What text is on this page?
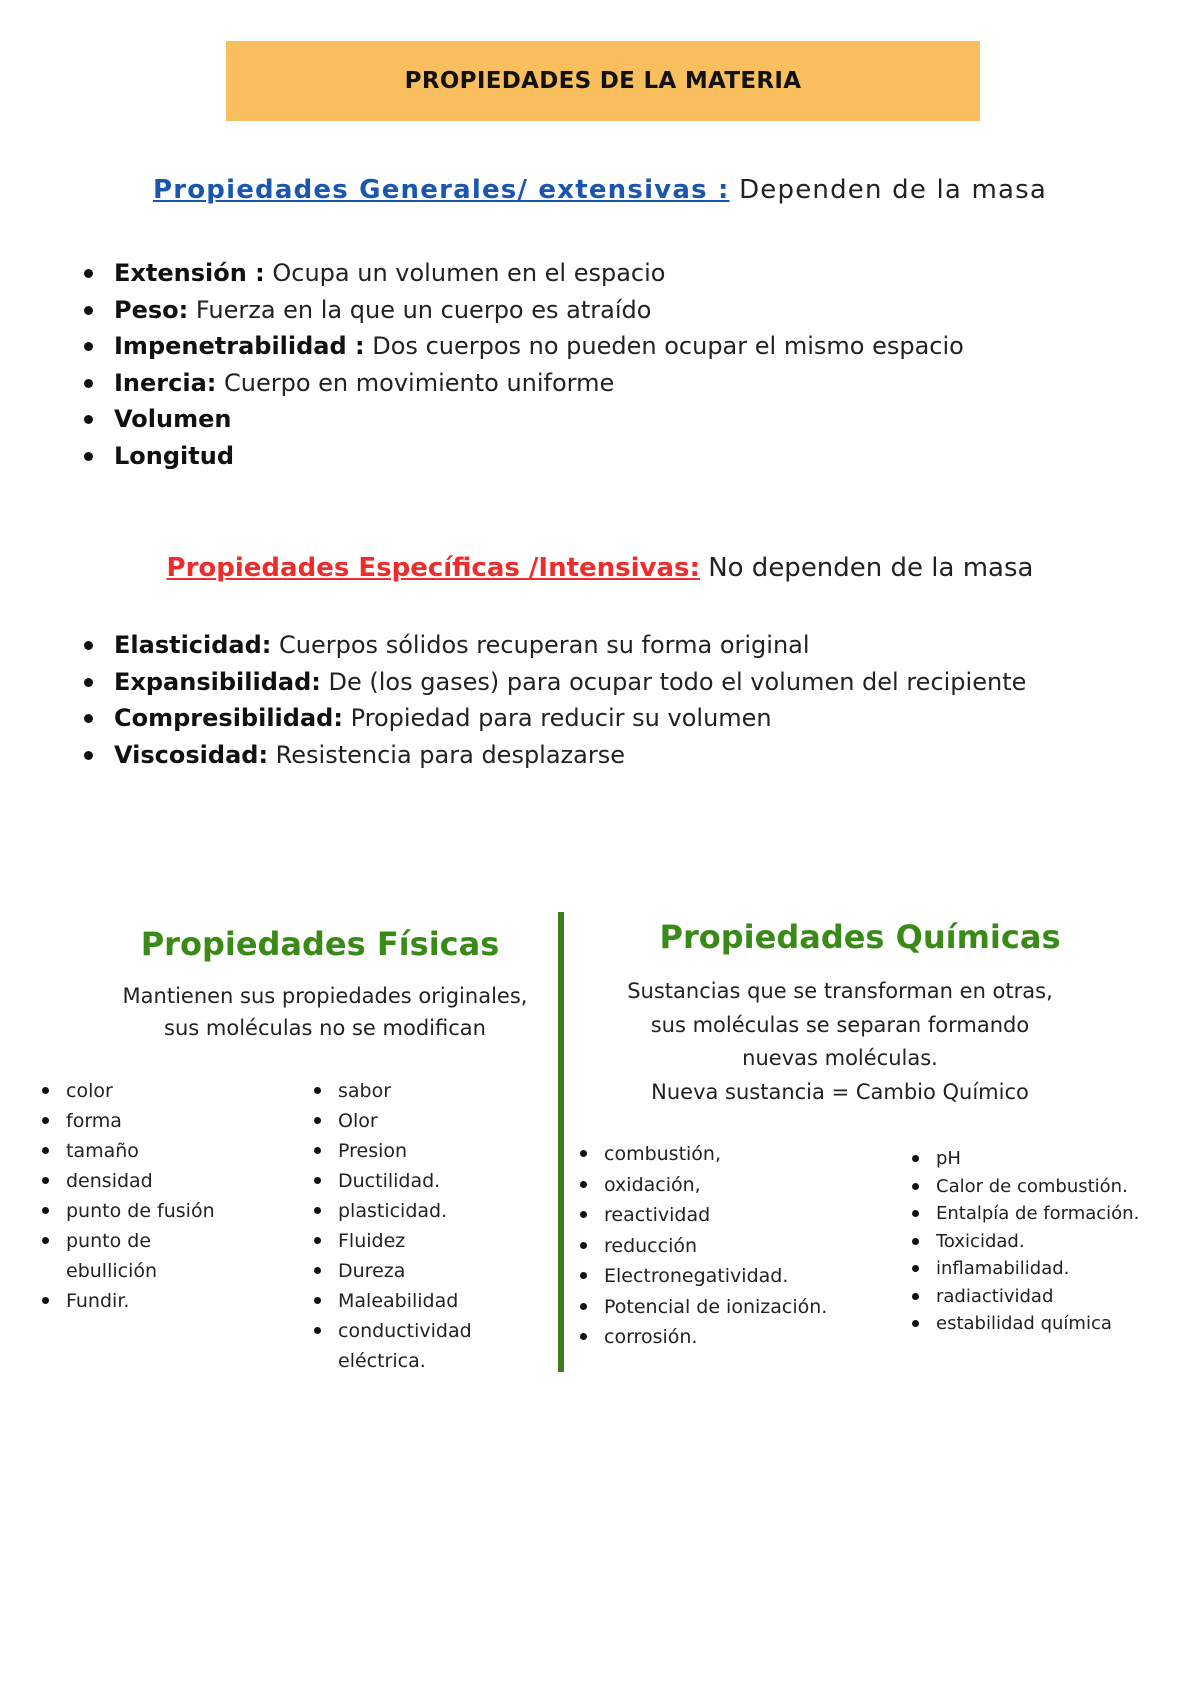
PROPIEDADES DE LA MATERIA
Propiedades Generales/ extensivas : Dependen de la masa
Extensión : Ocupa un volumen en el espacio
Peso: Fuerza en la que un cuerpo es atraído
Impenetrabilidad : Dos cuerpos no pueden ocupar el mismo espacio
Inercia: Cuerpo en movimiento uniforme
Volumen
Longitud
Propiedades Específicas /Intensivas: No dependen de la masa
Elasticidad: Cuerpos sólidos recuperan su forma original
Expansibilidad: De (los gases) para ocupar todo el volumen del recipiente
Compresibilidad: Propiedad para reducir su volumen
Viscosidad: Resistencia para desplazarse
Propiedades Físicas
Mantienen sus propiedades originales,
sus moléculas no se modifican
Propiedades Químicas
Sustancias que se transforman en otras,
sus moléculas se separan formando
nuevas moléculas.
Nueva sustancia = Cambio Químico
color
forma
tamaño
densidad
punto de fusión
punto de ebullición
Fundir.
sabor
Olor
Presion
Ductilidad.
plasticidad.
Fluidez
Dureza
Maleabilidad
conductividad eléctrica.
combustión,
oxidación,
reactividad
reducción
Electronegatividad.
Potencial de ionización.
corrosión.
pH
Calor de combustión.
Entalpía de formación.
Toxicidad.
inflamabilidad.
radiactividad
estabilidad química
